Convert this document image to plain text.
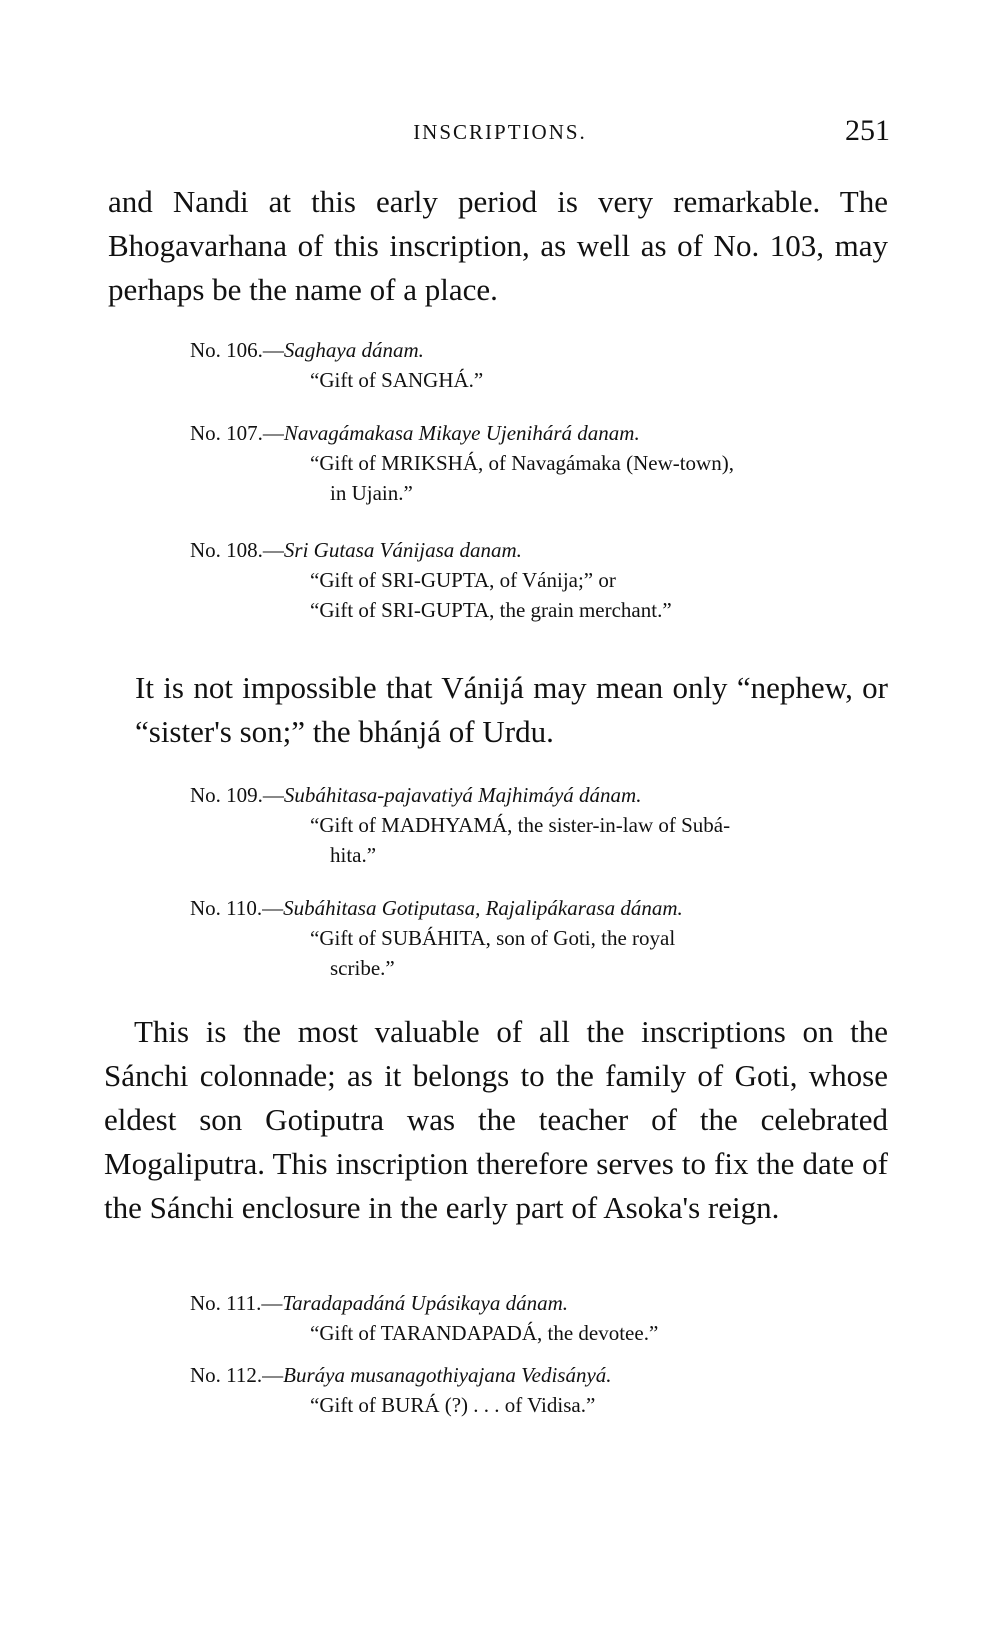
INSCRIPTIONS.	251

and Nandi at this early period is very remarkable. The Bhogavarhana of this inscription, as well as of No. 103, may perhaps be the name of a place.

No. 106.—Saghaya dánam.
“Gift of SANGHÁ.”
No. 107.—Navagámakasa Mikaye Ujenihárá danam.
“Gift of MRIKSHÁ, of Navagámaka (New-town),
in Ujain.”
No. 108.—Sri Gutasa Vánijasa danam.
“Gift of SRI-GUPTA, of Vánija;” or
“Gift of SRI-GUPTA, the grain merchant.”

It is not impossible that Vánijá may mean only “nephew, or “sister's son;” the bhánjá of Urdu.

No. 109.—Subáhitasa-pajavatiyá Majhimáyá dánam.
“Gift of MADHYAMÁ, the sister-in-law of Subá-
hita.”
No. 110.—Subáhitasa Gotiputasa, Rajalipákarasa dánam.
“Gift of SUBÁHITA, son of Goti, the royal
scribe.”

This is the most valuable of all the inscriptions on the Sánchi colonnade; as it belongs to the family of Goti, whose eldest son Gotiputra was the teacher of the celebrated Mogaliputra. This inscription therefore serves to fix the date of the Sánchi enclosure in the early part of Asoka's reign.

No. 111.—Taradapadáná Upásikaya dánam.
“Gift of TARANDAPADÁ, the devotee.”
No. 112.—Buráya musanagothiyajana Vedisányá.
“Gift of BURÁ (?) . . . of Vidisa.”
